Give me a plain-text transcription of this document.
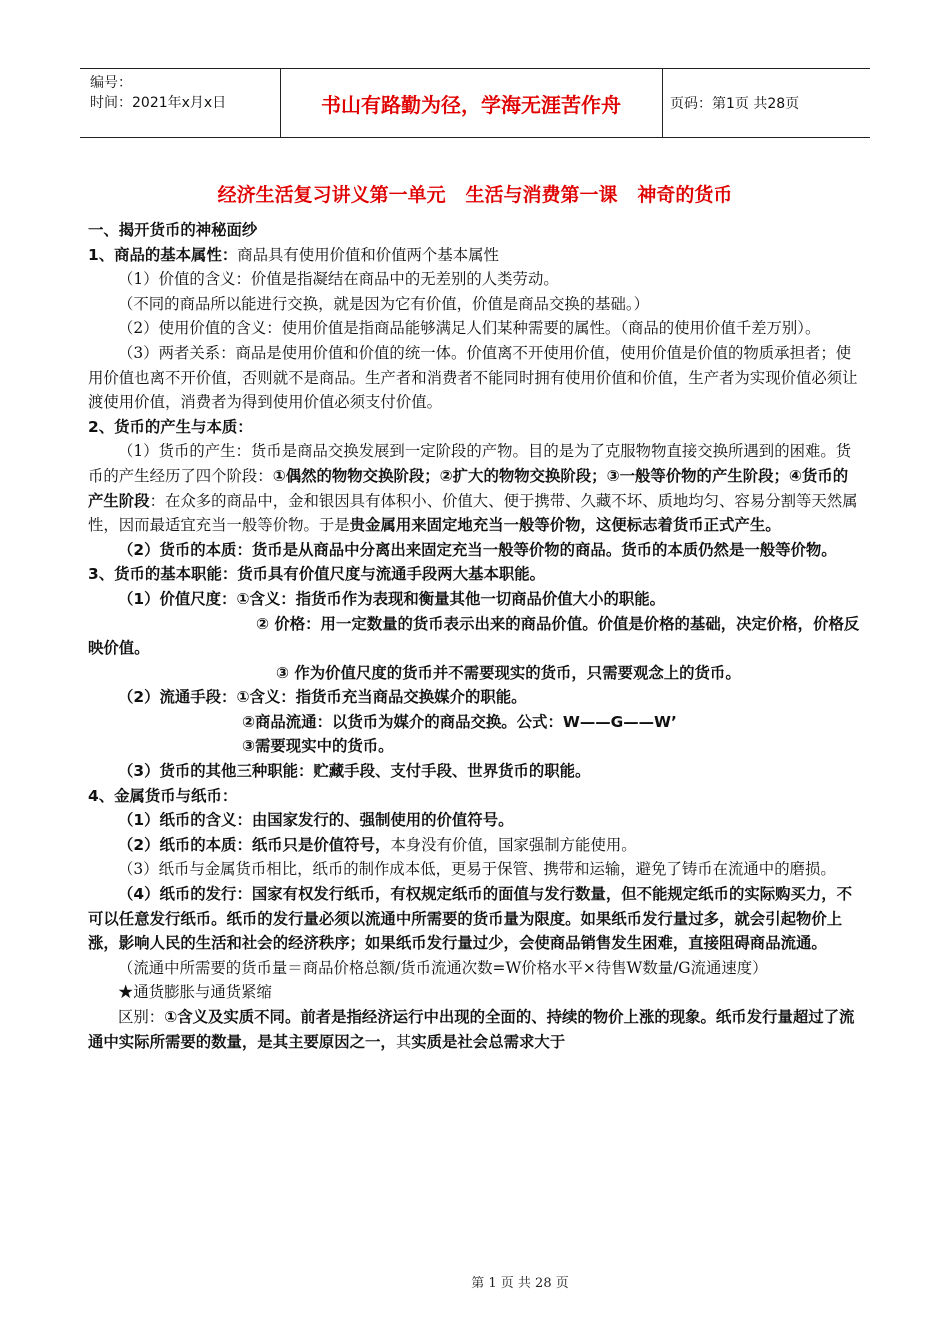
编号：
时间：2021年x月x日	书山有路勤为径，学海无涯苦作舟	页码：第1页 共28页
经济生活复习讲义第一单元   生活与消费第一课   神奇的货币

一、揭开货币的神秘面纱

1、商品的基本属性：商品具有使用价值和价值两个基本属性

（1）价值的含义：价值是指凝结在商品中的无差别的人类劳动。

（不同的商品所以能进行交换，就是因为它有价值，价值是商品交换的基础。）

（2）使用价值的含义：使用价值是指商品能够满足人们某种需要的属性。（商品的使用价值千差万别）。

（3）两者关系：商品是使用价值和价值的统一体。价值离不开使用价值，使用价值是价值的物质承担者；使用价值也离不开价值，否则就不是商品。生产者和消费者不能同时拥有使用价值和价值，生产者为实现价值必须让渡使用价值，消费者为得到使用价值必须支付价值。

2、货币的产生与本质：

（1）货币的产生：货币是商品交换发展到一定阶段的产物。目的是为了克服物物直接交换所遇到的困难。货币的产生经历了四个阶段：①偶然的物物交换阶段；②扩大的物物交换阶段；③一般等价物的产生阶段；④货币的产生阶段：在众多的商品中，金和银因具有体积小、价值大、便于携带、久藏不坏、质地均匀、容易分割等天然属性，因而最适宜充当一般等价物。于是贵金属用来固定地充当一般等价物，这便标志着货币正式产生。

（2）货币的本质：货币是从商品中分离出来固定充当一般等价物的商品。货币的本质仍然是一般等价物。

3、货币的基本职能：货币具有价值尺度与流通手段两大基本职能。

（1）价值尺度：①含义：指货币作为表现和衡量其他一切商品价值大小的职能。

② 价格：用一定数量的货币表示出来的商品价值。价值是价格的基础，决定价格，价格反映价值。

③ 作为价值尺度的货币并不需要现实的货币，只需要观念上的货币。

（2）流通手段：①含义：指货币充当商品交换媒介的职能。

②商品流通：以货币为媒介的商品交换。公式：W——G——W’

③需要现实中的货币。

（3）货币的其他三种职能：贮藏手段、支付手段、世界货币的职能。

4、金属货币与纸币：

（1）纸币的含义：由国家发行的、强制使用的价值符号。

（2）纸币的本质：纸币只是价值符号，本身没有价值，国家强制方能使用。

（3）纸币与金属货币相比，纸币的制作成本低，更易于保管、携带和运输，避免了铸币在流通中的磨损。

（4）纸币的发行：国家有权发行纸币，有权规定纸币的面值与发行数量，但不能规定纸币的实际购买力，不可以任意发行纸币。纸币的发行量必须以流通中所需要的货币量为限度。如果纸币发行量过多，就会引起物价上涨，影响人民的生活和社会的经济秩序；如果纸币发行量过少，会使商品销售发生困难，直接阻碍商品流通。

（流通中所需要的货币量＝商品价格总额/货币流通次数=W价格水平×待售W数量/G流通速度）

★通货膨胀与通货紧缩

区别：①含义及实质不同。前者是指经济运行中出现的全面的、持续的物价上涨的现象。纸币发行量超过了流通中实际所需要的数量，是其主要原因之一，其实质是社会总需求大于

第 1 页 共 28 页
